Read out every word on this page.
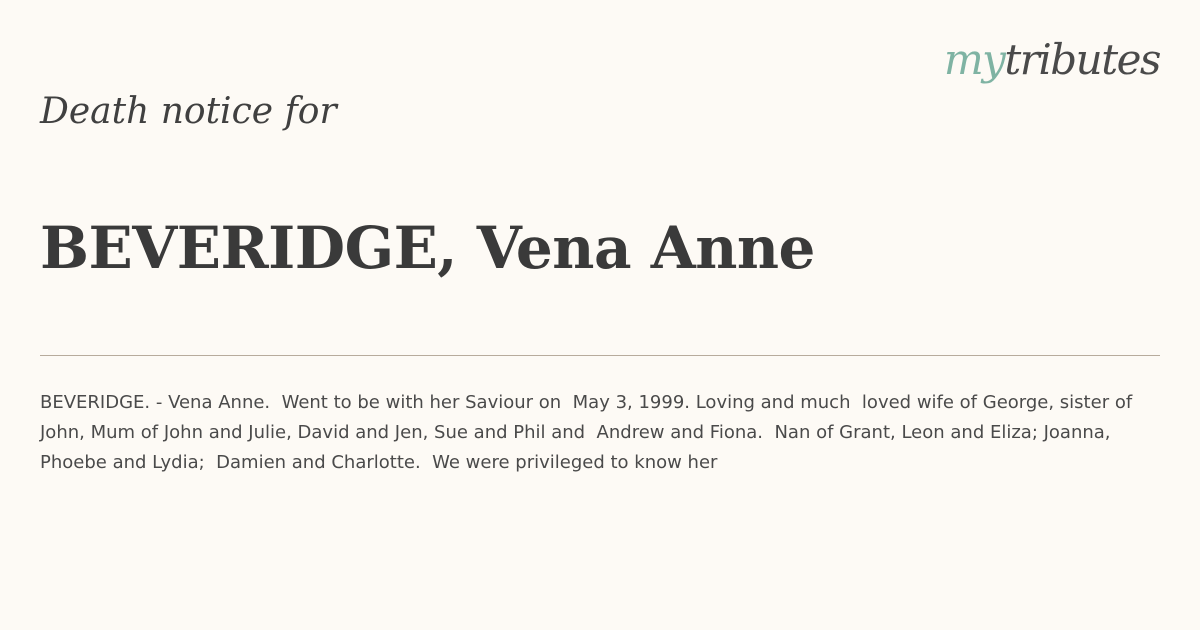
mytributes
Death notice for
BEVERIDGE, Vena Anne

BEVERIDGE. - Vena Anne.  Went to be with her Saviour on  May 3, 1999. Loving and much  loved wife of George, sister of  John, Mum of John and Julie, David and Jen, Sue and Phil and  Andrew and Fiona.  Nan of Grant, Leon and Eliza; Joanna, Phoebe and Lydia;  Damien and Charlotte.  We were privileged to know her
